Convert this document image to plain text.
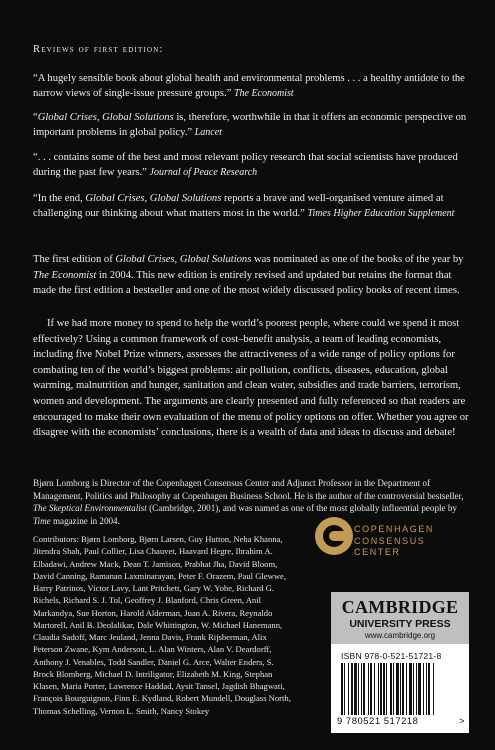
Reviews of first edition:
“A hugely sensible book about global health and environmental problems . . . a healthy antidote to the narrow views of single-issue pressure groups.” The Economist
“Global Crises, Global Solutions is, therefore, worthwhile in that it offers an economic perspective on important problems in global policy.” Lancet
“. . . contains some of the best and most relevant policy research that social scientists have produced during the past few years.” Journal of Peace Research
“In the end, Global Crises, Global Solutions reports a brave and well-organised venture aimed at challenging our thinking about what matters most in the world.” Times Higher Education Supplement
The first edition of Global Crises, Global Solutions was nominated as one of the books of the year by The Economist in 2004. This new edition is entirely revised and updated but retains the format that made the first edition a bestseller and one of the most widely discussed policy books of recent times.
If we had more money to spend to help the world’s poorest people, where could we spend it most effectively? Using a common framework of cost–benefit analysis, a team of leading economists, including five Nobel Prize winners, assesses the attractiveness of a wide range of policy options for combating ten of the world’s biggest problems: air pollution, conflicts, diseases, education, global warming, malnutrition and hunger, sanitation and clean water, subsidies and trade barriers, terrorism, women and development. The arguments are clearly presented and fully referenced so that readers are encouraged to make their own evaluation of the menu of policy options on offer. Whether you agree or disagree with the economists’ conclusions, there is a wealth of data and ideas to discuss and debate!
Bjørn Lomborg is Director of the Copenhagen Consensus Center and Adjunct Professor in the Department of Management, Politics and Philosophy at Copenhagen Business School. He is the author of the controversial bestseller, The Skeptical Environmentalist (Cambridge, 2001), and was named as one of the most globally influential people by Time magazine in 2004.
Contributors: Bjørn Lomborg, Bjørn Larsen, Guy Hutton, Neha Khanna, Jitendra Shah, Paul Collier, Lisa Chauvet, Haavard Hegre, Ibrahim A. Elbadawi, Andrew Mack, Dean T. Jamison, Prabhat Jha, David Bloom, David Canning, Ramanan Laxminarayan, Peter F. Orazem, Paul Glewwe, Harry Patrinos, Victor Lavy, Lant Pritchett, Gary W. Yohe, Richard G. Richels, Richard S. J. Tol, Geoffrey J. Blanford, Chris Green, Anil Markandya, Sue Horton, Harold Alderman, Juan A. Rivera, Reynaldo Martorell, Anil B. Deolalikar, Dale Whittington, W. Michael Hanemann, Claudia Sadoff, Marc Jeuland, Jenna Davis, Frank Rijsberman, Alix Peterson Zwane, Kym Anderson, L. Alan Winters, Alan V. Deardorff, Anthony J. Venables, Todd Sandler, Daniel G. Arce, Walter Enders, S. Brock Blomberg, Michael D. Intriligator, Elizabeth M. King, Stephan Klasen, Maria Porter, Lawrence Haddad, Aysit Tansel, Jagdish Bhagwati, François Bourguignon, Finn E. Kydland, Robert Mundell, Douglass North, Thomas Schelling, Vernon L. Smith, Nancy Stokey
COPENHAGEN
CONSENSUS
CENTER
CAMBRIDGE
UNIVERSITY PRESS
www.cambridge.org
ISBN 978-0-521-51721-8
9 780521 517218	>
